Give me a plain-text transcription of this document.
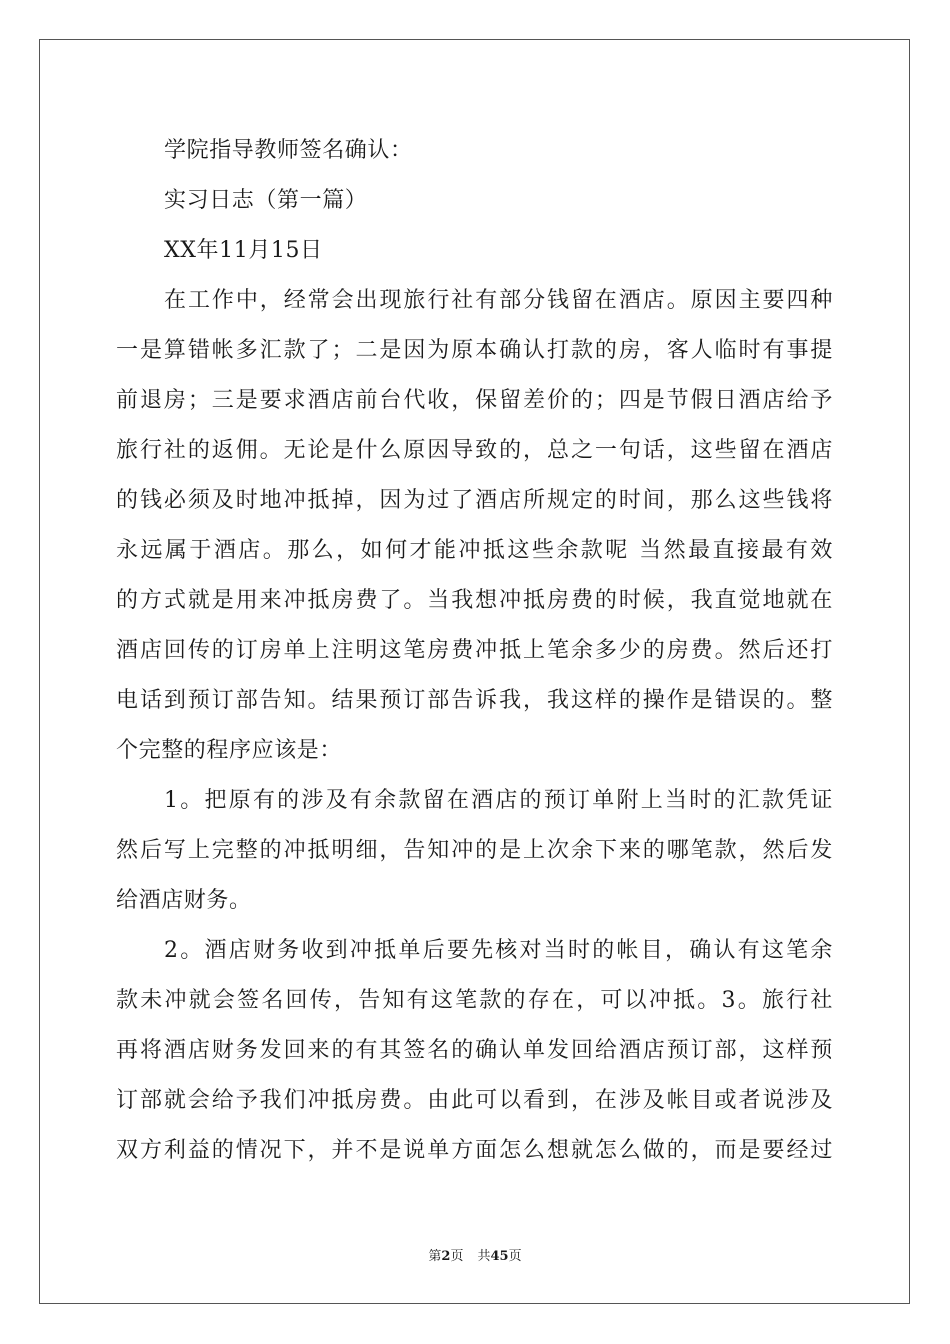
学院指导教师签名确认：
实习日志（第一篇）
XX年11月15日
在工作中，经常会出现旅行社有部分钱留在酒店。原因主要四种
一是算错帐多汇款了；二是因为原本确认打款的房，客人临时有事提
前退房；三是要求酒店前台代收，保留差价的；四是节假日酒店给予
旅行社的返佣。无论是什么原因导致的，总之一句话，这些留在酒店
的钱必须及时地冲抵掉，因为过了酒店所规定的时间，那么这些钱将
永远属于酒店。那么，如何才能冲抵这些余款呢 当然最直接最有效
的方式就是用来冲抵房费了。当我想冲抵房费的时候，我直觉地就在
酒店回传的订房单上注明这笔房费冲抵上笔余多少的房费。然后还打
电话到预订部告知。结果预订部告诉我，我这样的操作是错误的。整
个完整的程序应该是：
1。把原有的涉及有余款留在酒店的预订单附上当时的汇款凭证
然后写上完整的冲抵明细，告知冲的是上次余下来的哪笔款，然后发
给酒店财务。
2。酒店财务收到冲抵单后要先核对当时的帐目，确认有这笔余
款未冲就会签名回传，告知有这笔款的存在，可以冲抵。3。旅行社
再将酒店财务发回来的有其签名的确认单发回给酒店预订部，这样预
订部就会给予我们冲抵房费。由此可以看到，在涉及帐目或者说涉及
双方利益的情况下，并不是说单方面怎么想就怎么做的，而是要经过
第2页 共45页
